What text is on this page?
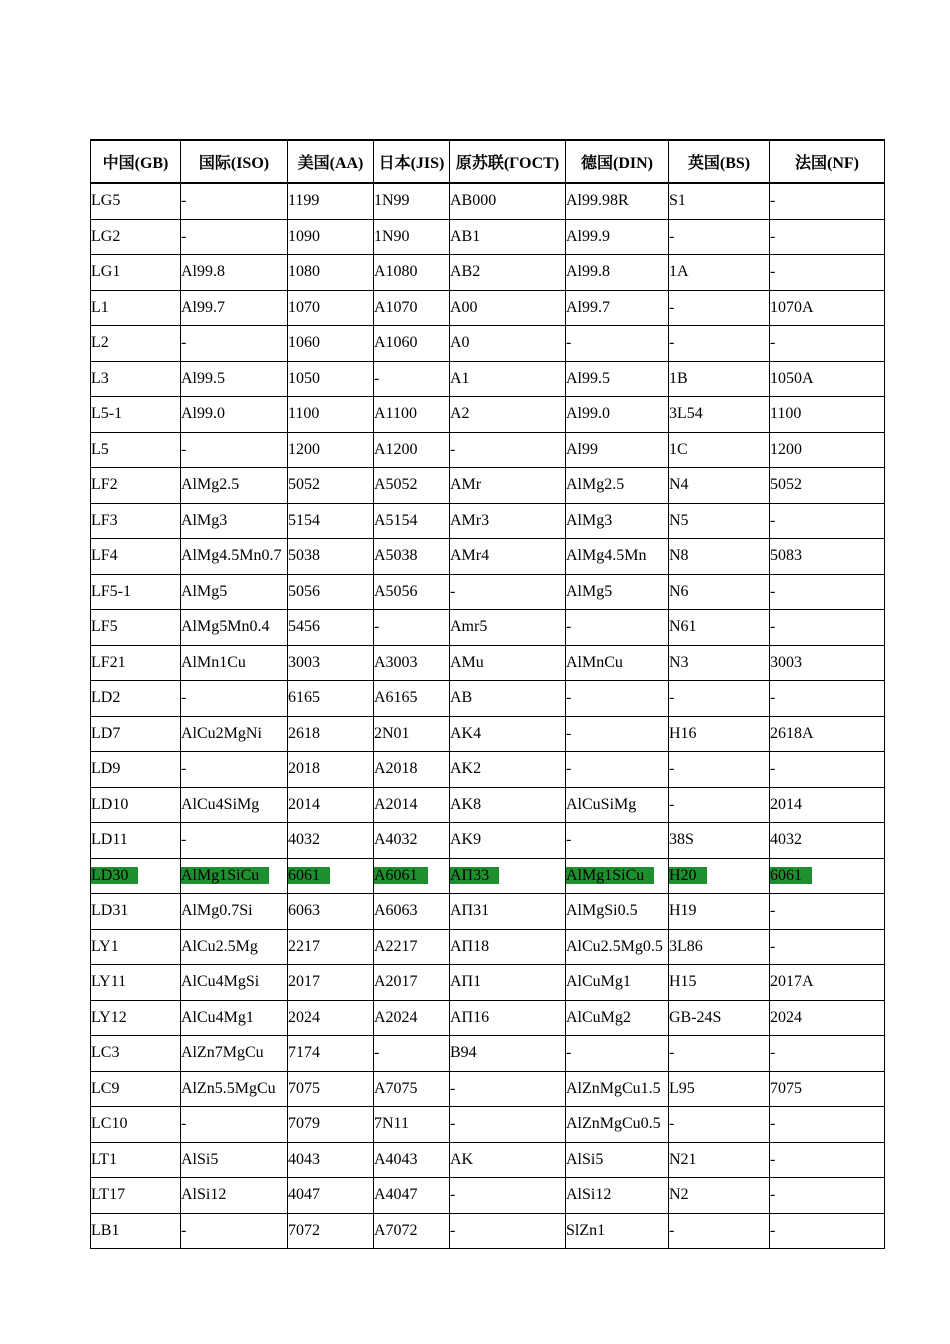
中国(GB)	国际(ISO)	美国(AA)	日本(JIS)	原苏联(ГОСТ)	德国(DIN)	英国(BS)	法国(NF)
LG5	-	1199	1N99	AB000	Al99.98R	S1	-
LG2	-	1090	1N90	AB1	Al99.9	-	-
LG1	Al99.8	1080	A1080	AB2	Al99.8	1A	-
L1	Al99.7	1070	A1070	A00	Al99.7	-	1070A
L2	-	1060	A1060	A0	-	-	-
L3	Al99.5	1050	-	A1	Al99.5	1B	1050A
L5-1	Al99.0	1100	A1100	A2	Al99.0	3L54	1100
L5	-	1200	A1200	-	Al99	1C	1200
LF2	AlMg2.5	5052	A5052	AMr	AlMg2.5	N4	5052
LF3	AlMg3	5154	A5154	AMr3	AlMg3	N5	-
LF4	AlMg4.5Mn0.7	5038	A5038	AMr4	AlMg4.5Mn	N8	5083
LF5-1	AlMg5	5056	A5056	-	AlMg5	N6	-
LF5	AlMg5Mn0.4	5456	-	Amr5	-	N61	-
LF21	AlMn1Cu	3003	A3003	AMu	AlMnCu	N3	3003
LD2	-	6165	A6165	AB	-	-	-
LD7	AlCu2MgNi	2618	2N01	AK4	-	H16	2618A
LD9	-	2018	A2018	AK2	-	-	-
LD10	AlCu4SiMg	2014	A2014	AK8	AlCuSiMg	-	2014
LD11	-	4032	A4032	AK9	-	38S	4032
LD30	AlMg1SiCu	6061	A6061	AП33	AlMg1SiCu	H20	6061
LD31	AlMg0.7Si	6063	A6063	AП31	AlMgSi0.5	H19	-
LY1	AlCu2.5Mg	2217	A2217	AП18	AlCu2.5Mg0.5	3L86	-
LY11	AlCu4MgSi	2017	A2017	AП1	AlCuMg1	H15	2017A
LY12	AlCu4Mg1	2024	A2024	AП16	AlCuMg2	GB-24S	2024
LC3	AlZn7MgCu	7174	-	B94	-	-	-
LC9	AlZn5.5MgCu	7075	A7075	-	AlZnMgCu1.5	L95	7075
LC10	-	7079	7N11	-	AlZnMgCu0.5	-	-
LT1	AlSi5	4043	A4043	AK	AlSi5	N21	-
LT17	AlSi12	4047	A4047	-	AlSi12	N2	-
LB1	-	7072	A7072	-	SlZn1	-	-
